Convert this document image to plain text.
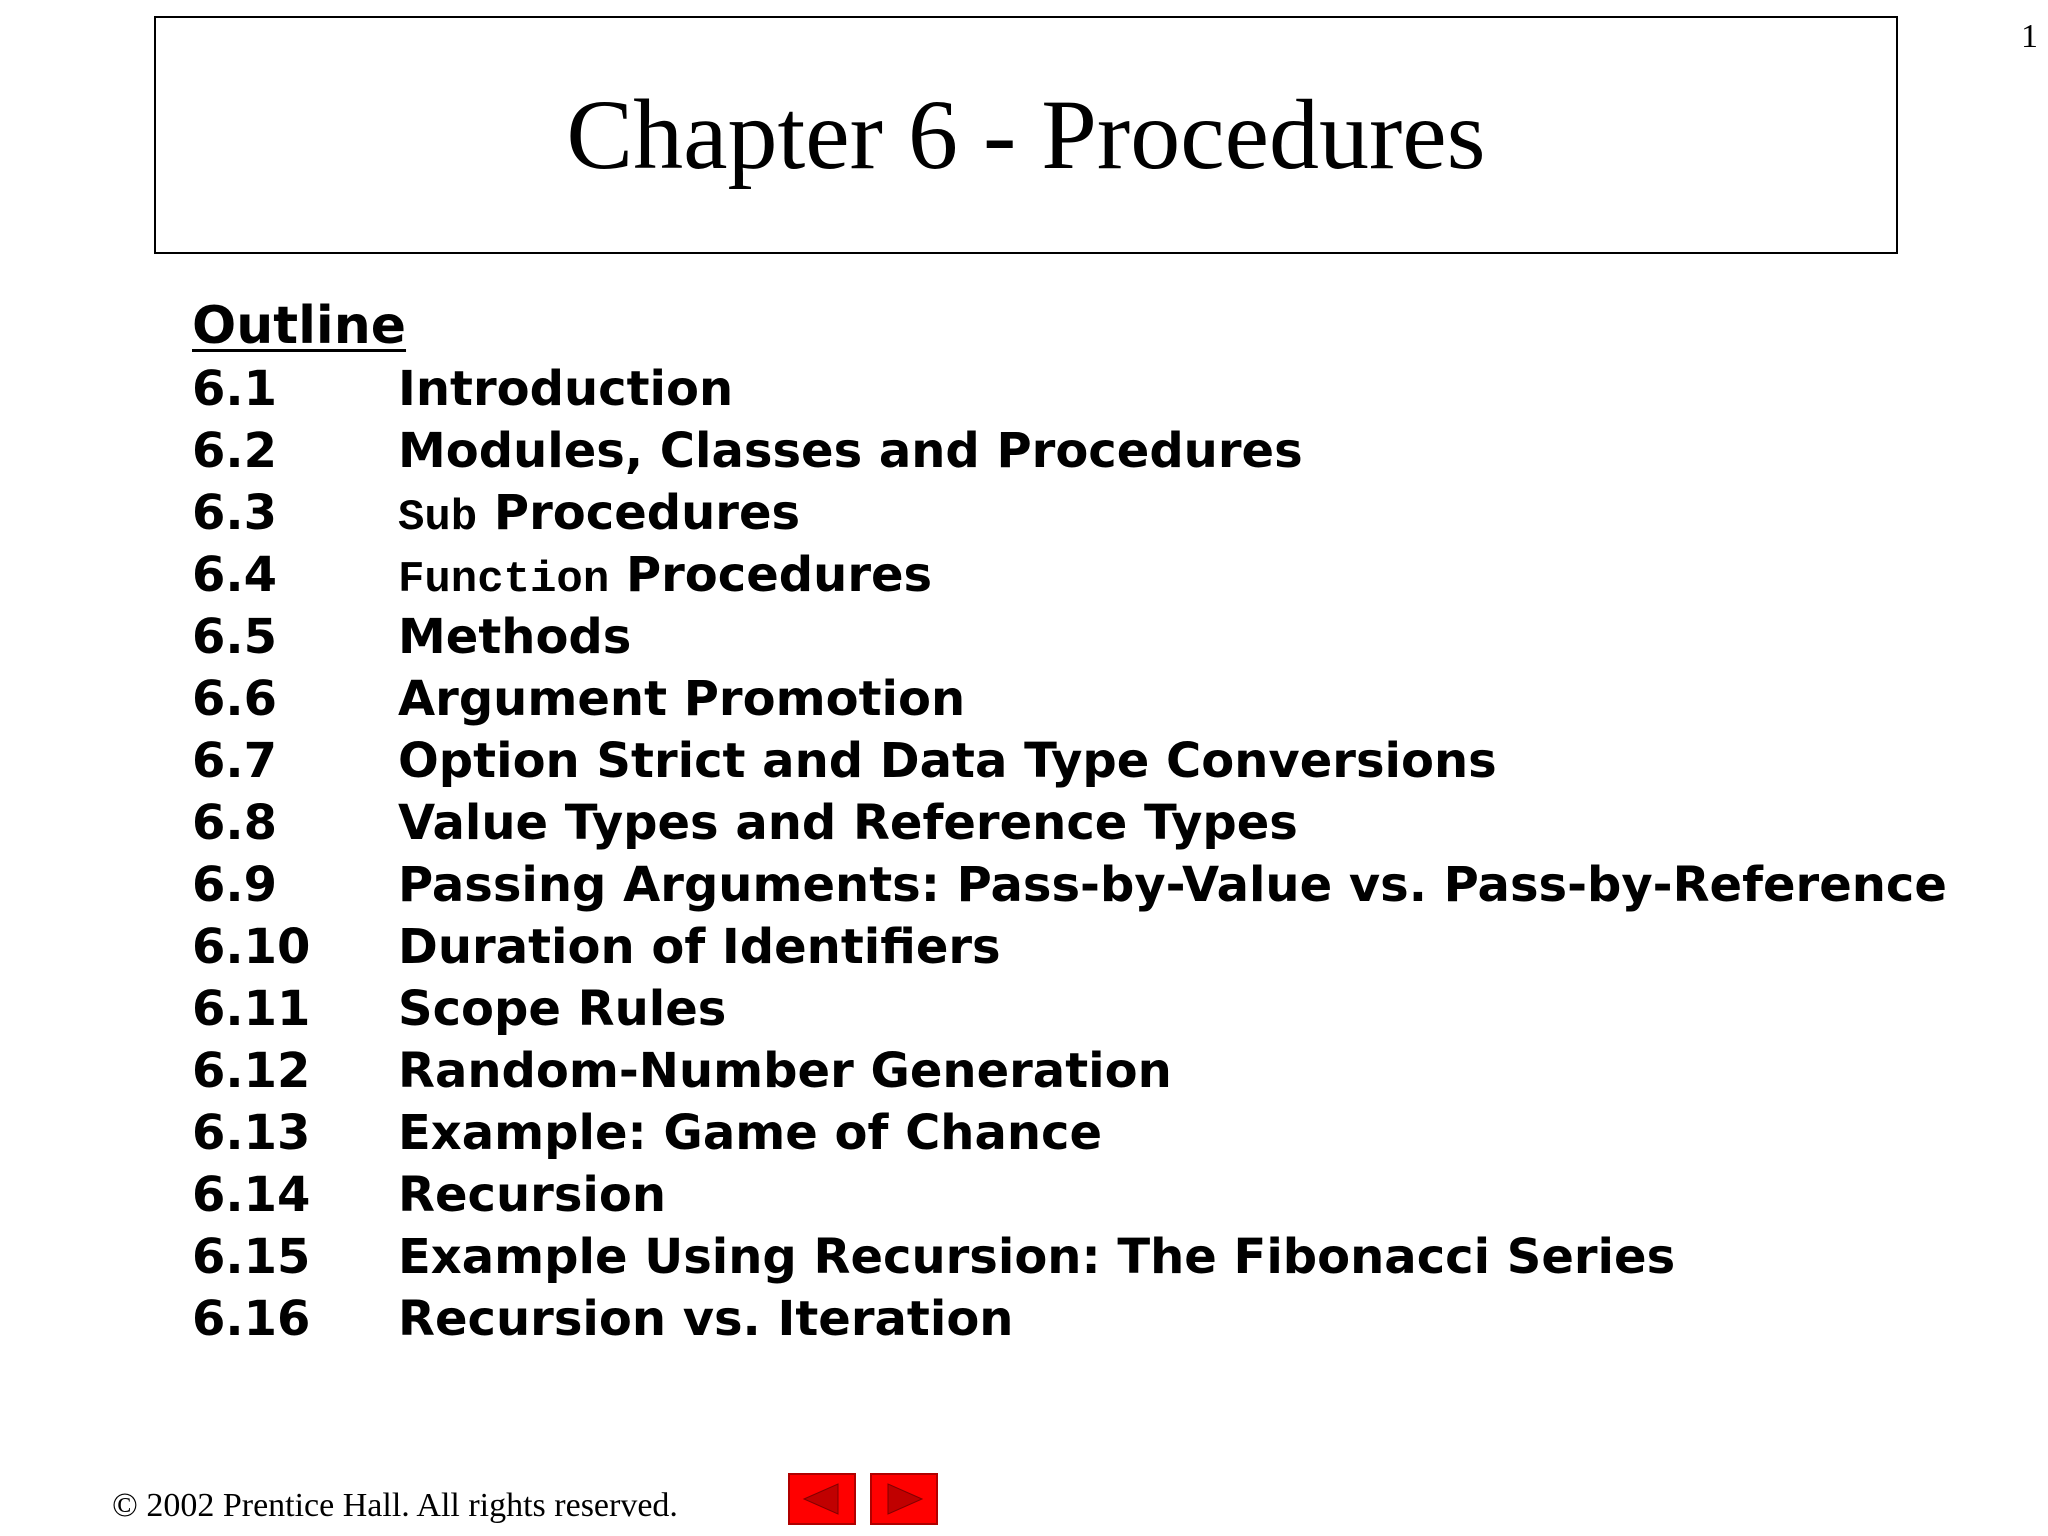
1
Chapter 6 - Procedures
Outline
6.1	Introduction
6.2	Modules, Classes and Procedures
6.3	Sub Procedures
6.4	Function Procedures
6.5	Methods
6.6	Argument Promotion
6.7	Option Strict and Data Type Conversions
6.8	Value Types and Reference Types
6.9	Passing Arguments: Pass-by-Value vs. Pass-by-Reference
6.10	Duration of Identifiers
6.11	Scope Rules
6.12	Random-Number Generation
6.13	Example: Game of Chance
6.14	Recursion
6.15	Example Using Recursion: The Fibonacci Series
6.16	Recursion vs. Iteration
© 2002 Prentice Hall. All rights reserved.
